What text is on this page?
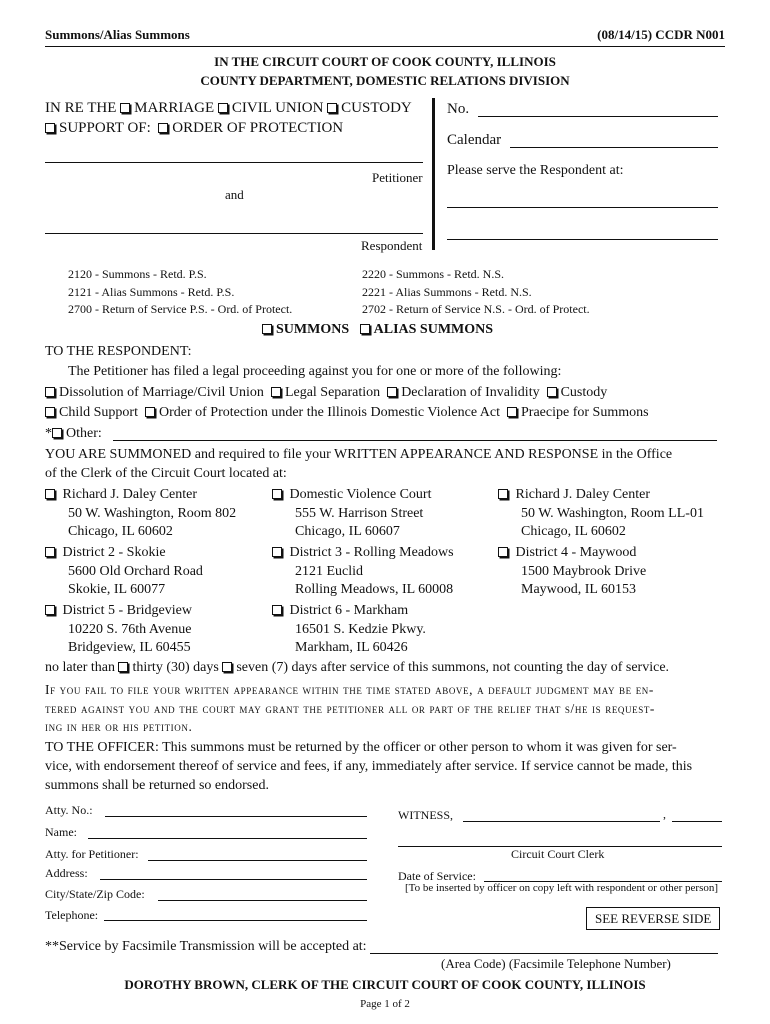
Summons/Alias Summons	(08/14/15) CCDR N001
IN THE CIRCUIT COURT OF COOK COUNTY, ILLINOIS
COUNTY DEPARTMENT, DOMESTIC RELATIONS DIVISION
IN RE THE MARRIAGE CIVIL UNION CUSTODY
SUPPORT OF: ORDER OF PROTECTION
Petitioner
and
Respondent
No.
Calendar
Please serve the Respondent at:
2120 - Summons - Retd. P.S.
2121 - Alias Summons - Retd. P.S.
2700 - Return of Service P.S. - Ord. of Protect.
2220 - Summons - Retd. N.S.
2221 - Alias Summons - Retd. N.S.
2702 - Return of Service N.S. - Ord. of Protect.
SUMMONS ALIAS SUMMONS
TO THE RESPONDENT:
The Petitioner has filed a legal proceeding against you for one or more of the following:
Dissolution of Marriage/Civil Union Legal Separation Declaration of Invalidity Custody
Child Support Order of Protection under the Illinois Domestic Violence Act Praecipe for Summons
* Other:
YOU ARE SUMMONED and required to file your WRITTEN APPEARANCE AND RESPONSE in the Office
of the Clerk of the Circuit Court located at:
Richard J. Daley Center
50 W. Washington, Room 802
Chicago, IL 60602
Domestic Violence Court
555 W. Harrison Street
Chicago, IL 60607
Richard J. Daley Center
50 W. Washington, Room LL-01
Chicago, IL 60602
District 2 - Skokie
5600 Old Orchard Road
Skokie, IL 60077
District 3 - Rolling Meadows
2121 Euclid
Rolling Meadows, IL 60008
District 4 - Maywood
1500 Maybrook Drive
Maywood, IL 60153
District 5 - Bridgeview
10220 S. 76th Avenue
Bridgeview, IL 60455
District 6 - Markham
16501 S. Kedzie Pkwy.
Markham, IL 60426
no later than thirty (30) days seven (7) days after service of this summons, not counting the day of service.
If you fail to file your written appearance within the time stated above, a default judgment may be en-
tered against you and the court may grant the petitioner all or part of the relief that s/he is request-
ing in her or his petition.
TO THE OFFICER: This summons must be returned by the officer or other person to whom it was given for ser-
vice, with endorsement thereof of service and fees, if any, immediately after service. If service cannot be made, this
summons shall be returned so endorsed.
Atty. No.:
Name:
Atty. for Petitioner:
Address:
City/State/Zip Code:
Telephone:
WITNESS,	,
Circuit Court Clerk
Date of Service:
[To be inserted by officer on copy left with respondent or other person]
SEE REVERSE SIDE
**Service by Facsimile Transmission will be accepted at:
(Area Code) (Facsimile Telephone Number)
DOROTHY BROWN, CLERK OF THE CIRCUIT COURT OF COOK COUNTY, ILLINOIS
Page 1 of 2
